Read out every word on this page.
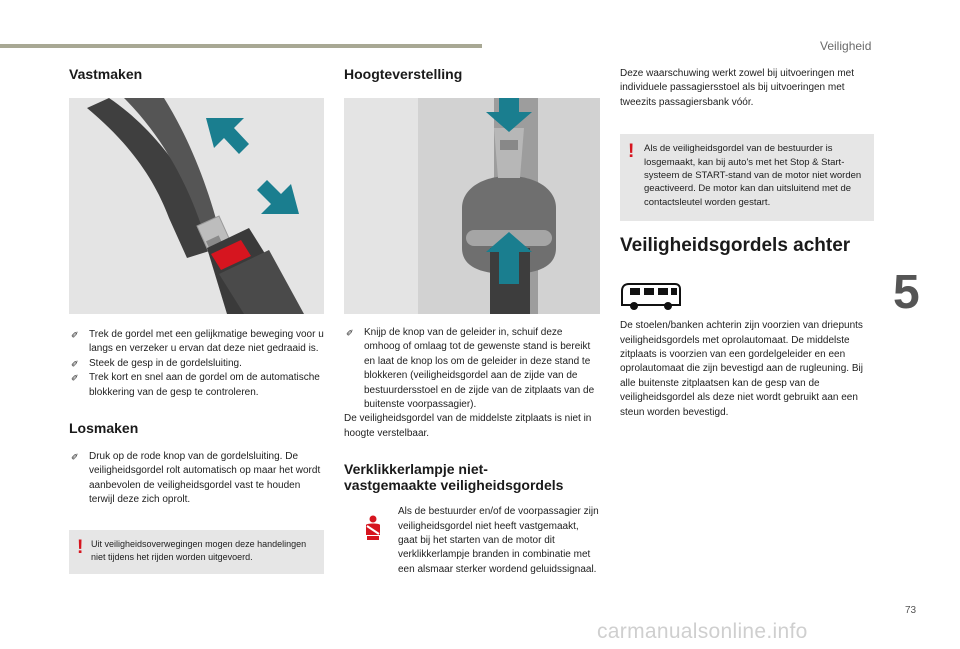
Veiligheid
5
73
carmanualsonline.info
Vastmaken
✐ Trek de gordel met een gelijkmatige beweging voor u langs en verzeker u ervan dat deze niet gedraaid is.
✐ Steek de gesp in de gordelsluiting.
✐ Trek kort en snel aan de gordel om de automatische blokkering van de gesp te controleren.
Losmaken
✐ Druk op de rode knop van de gordelsluiting. De veiligheidsgordel rolt automatisch op maar het wordt aanbevolen de veiligheidsgordel vast te houden terwijl deze zich oprolt.
! Uit veiligheidsoverwegingen mogen deze handelingen niet tijdens het rijden worden uitgevoerd.
Hoogteverstelling
✐ Knijp de knop van de geleider in, schuif deze omhoog of omlaag tot de gewenste stand is bereikt en laat de knop los om de geleider in deze stand te blokkeren (veiligheidsgordel aan de zijde van de bestuurdersstoel en de zijde van de zitplaats van de buitenste voorpassagier).

De veiligheidsgordel van de middelste zitplaats is niet in hoogte verstelbaar.

Verklikkerlampje niet-
vastgemaakte veiligheidsgordels
Als de bestuurder en/of de voorpassagier zijn veiligheidsgordel niet heeft vastgemaakt, gaat bij het starten van de motor dit verklikkerlampje branden in combinatie met een alsmaar sterker wordend geluidssignaal.

Deze waarschuwing werkt zowel bij uitvoeringen met individuele passagiersstoel als bij uitvoeringen met tweezits passagiersbank vóór.

! Als de veiligheidsgordel van de bestuurder is losgemaakt, kan bij auto's met het Stop & Start-systeem de START-stand van de motor niet worden geactiveerd. De motor kan dan uitsluitend met de contactsleutel worden gestart.
Veiligheidsgordels achter

De stoelen/banken achterin zijn voorzien van driepunts veiligheidsgordels met oprolautomaat. De middelste zitplaats is voorzien van een gordelgeleider en een oprolautomaat die zijn bevestigd aan de rugleuning. Bij alle buitenste zitplaatsen kan de gesp van de veiligheidsgordel als deze niet wordt gebruikt aan een steun worden bevestigd.
